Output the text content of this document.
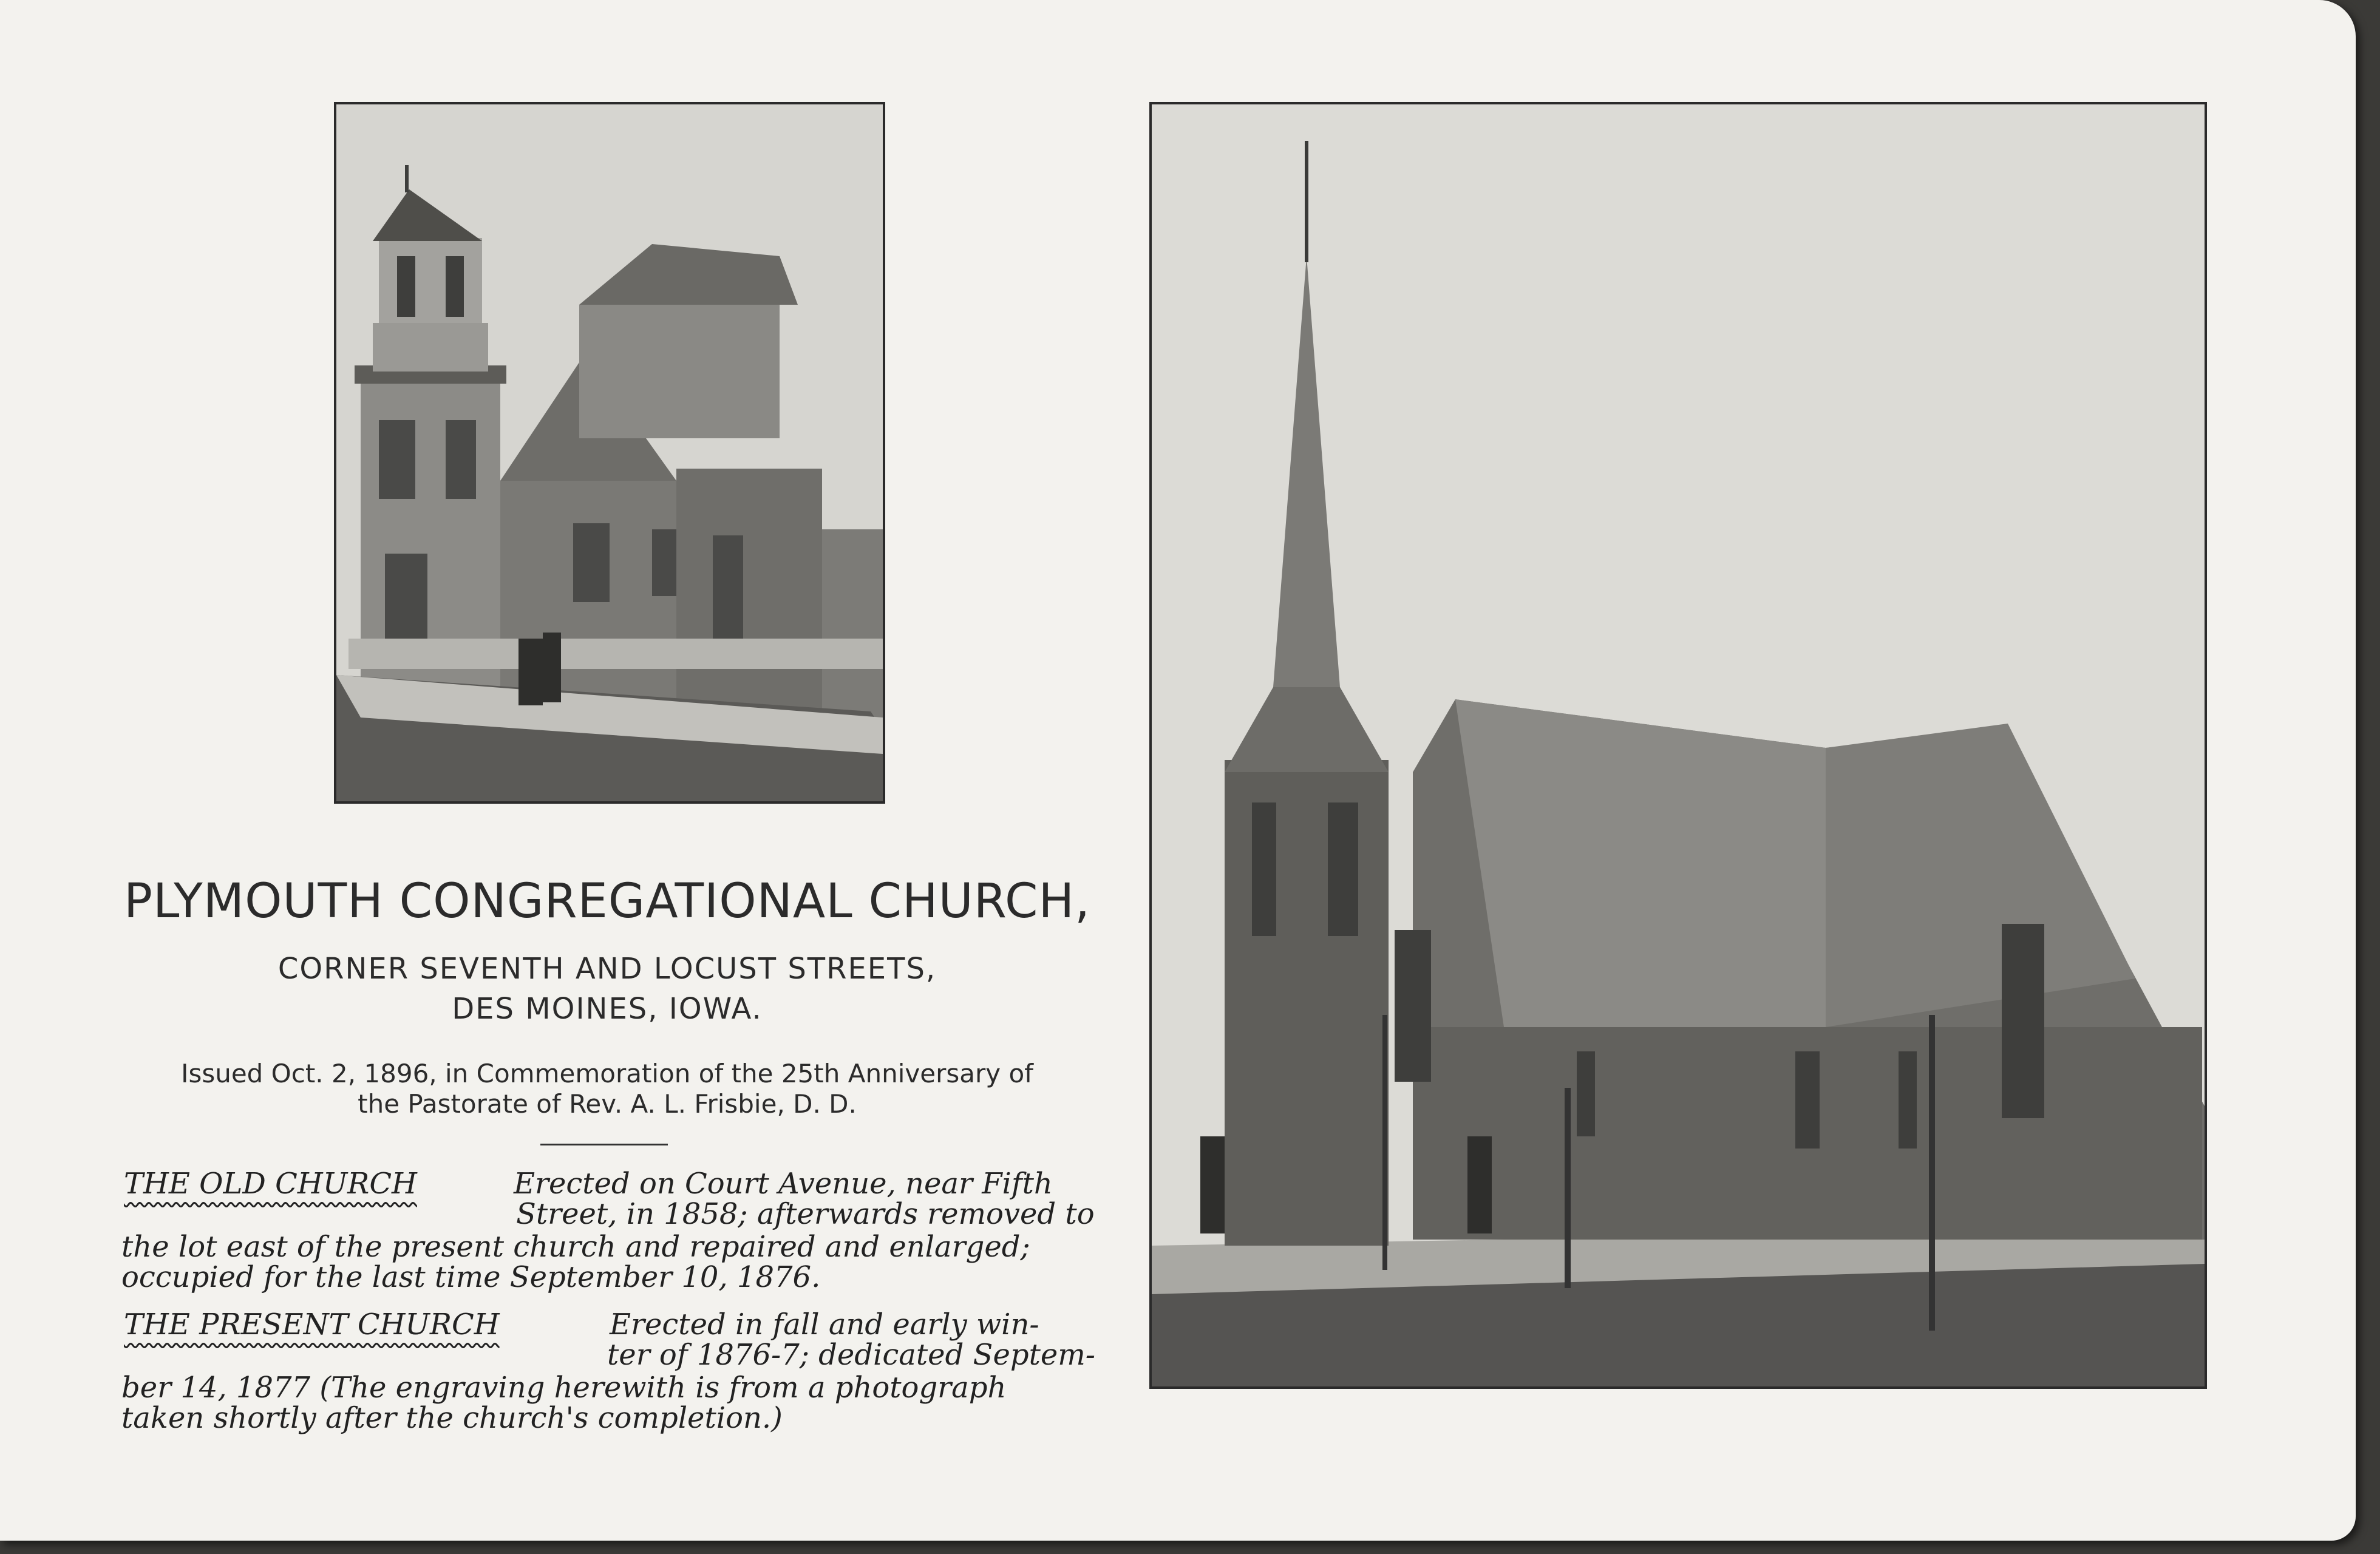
PLYMOUTH CONGREGATIONAL CHURCH,
CORNER SEVENTH AND LOCUST STREETS,
DES MOINES, IOWA.
Issued Oct. 2, 1896, in Commemoration of the 25th Anniversary of
the Pastorate of Rev. A. L. Frisbie, D. D.
THE OLD CHURCH	Erected on Court Avenue, near Fifth
Street, in 1858; afterwards removed to
the lot east of the present church and repaired and enlarged;
occupied for the last time September 10, 1876.
THE PRESENT CHURCH	Erected in fall and early win-
ter of 1876-7; dedicated Septem-
ber 14, 1877 (The engraving herewith is from a photograph
taken shortly after the church's completion.)
